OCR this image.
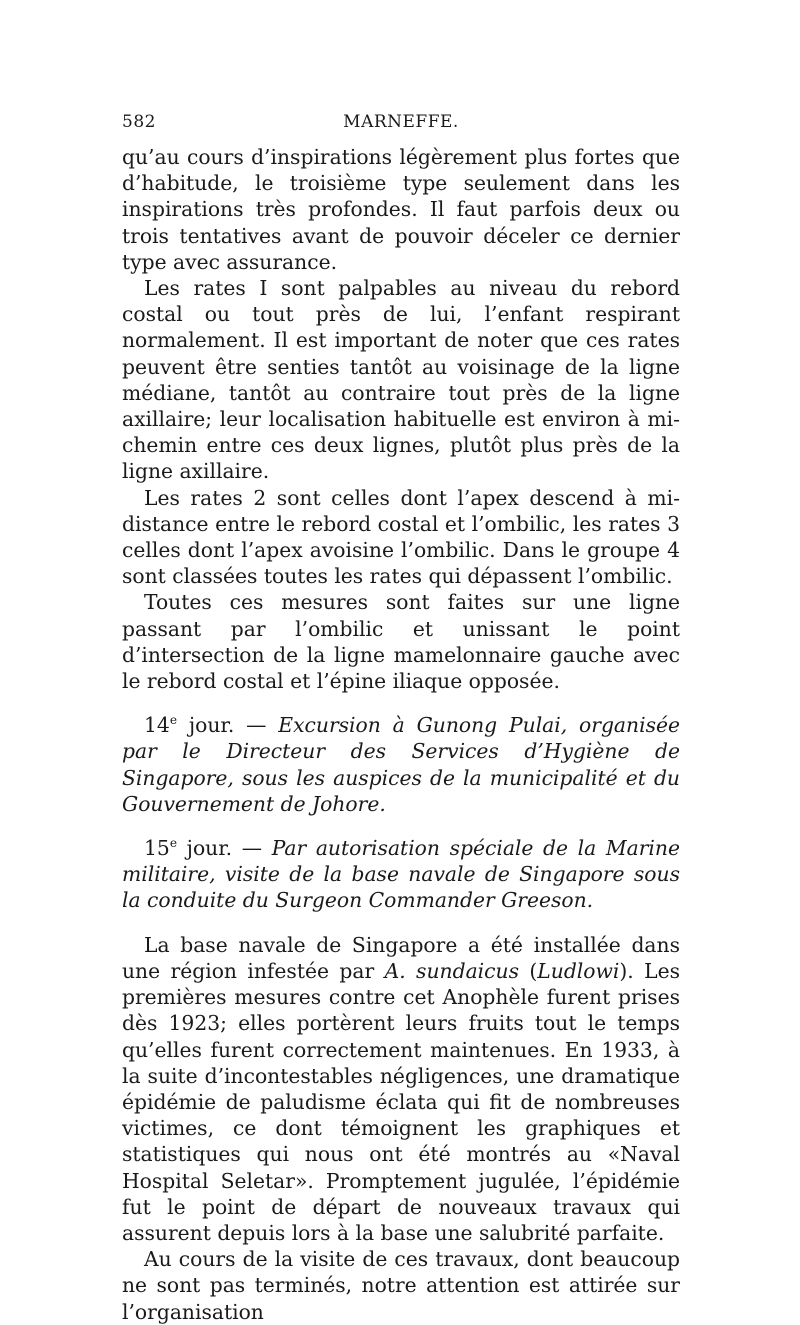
582	MARNEFFE.

qu’au cours d’inspirations légèrement plus fortes que d’habitude, le troisième type seulement dans les inspirations très profondes. Il faut parfois deux ou trois tentatives avant de pouvoir déceler ce dernier type avec assurance.

Les rates I sont palpables au niveau du rebord costal ou tout près de lui, l’enfant respirant normalement. Il est important de noter que ces rates peuvent être senties tantôt au voisinage de la ligne médiane, tantôt au contraire tout près de la ligne axillaire; leur localisation habituelle est environ à mi-chemin entre ces deux lignes, plutôt plus près de la ligne axillaire.

Les rates 2 sont celles dont l’apex descend à mi-distance entre le rebord costal et l’ombilic, les rates 3 celles dont l’apex avoisine l’ombilic. Dans le groupe 4 sont classées toutes les rates qui dépassent l’ombilic.

Toutes ces mesures sont faites sur une ligne passant par l’ombilic et unissant le point d’intersection de la ligne mamelonnaire gauche avec le rebord costal et l’épine iliaque opposée.

14e jour. — Excursion à Gunong Pulai, organisée par le Directeur des Services d’Hygiène de Singapore, sous les auspices de la municipalité et du Gouvernement de Johore.

15e jour. — Par autorisation spéciale de la Marine militaire, visite de la base navale de Singapore sous la conduite du Surgeon Commander Greeson.

La base navale de Singapore a été installée dans une région infestée par A. sundaicus (Ludlowi). Les premières mesures contre cet Anophèle furent prises dès 1923; elles portèrent leurs fruits tout le temps qu’elles furent correctement maintenues. En 1933, à la suite d’incontestables négligences, une dramatique épidémie de paludisme éclata qui fit de nombreuses victimes, ce dont témoignent les graphiques et statistiques qui nous ont été montrés au «Naval Hospital Seletar». Promptement jugulée, l’épidémie fut le point de départ de nouveaux travaux qui assurent depuis lors à la base une salubrité parfaite.

Au cours de la visite de ces travaux, dont beaucoup ne sont pas terminés, notre attention est attirée sur l’organisation
